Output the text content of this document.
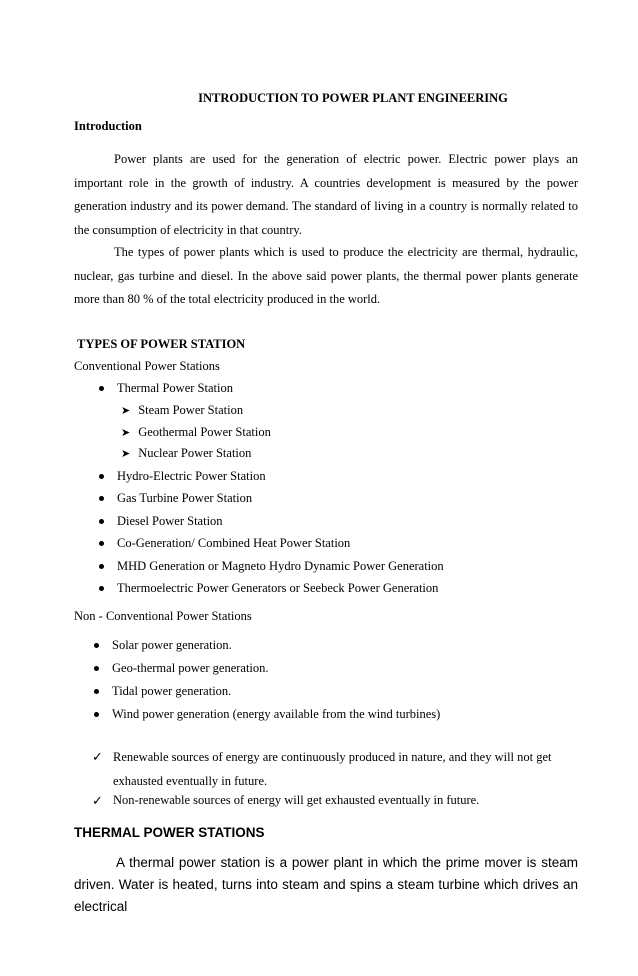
INTRODUCTION TO POWER PLANT ENGINEERING
Introduction

Power plants are used for the generation of electric power. Electric power plays an important role in the growth of industry. A countries development is measured by the power generation industry and its power demand. The standard of living in a country is normally related to the consumption of electricity in that country.

The types of power plants which is used to produce the electricity are thermal, hydraulic, nuclear, gas turbine and diesel. In the above said power plants, the thermal power plants generate more than 80 % of the total electricity produced in the world.

TYPES OF POWER STATION
Conventional Power Stations
Thermal Power Station
➤ Steam Power Station
➤ Geothermal Power Station
➤ Nuclear Power Station
Hydro-Electric Power Station
Gas Turbine Power Station
Diesel Power Station
Co-Generation/ Combined Heat Power Station
MHD Generation or Magneto Hydro Dynamic Power Generation
Thermoelectric Power Generators or Seebeck Power Generation
Non - Conventional Power Stations
Solar power generation.
Geo-thermal power generation.
Tidal power generation.
Wind power generation (energy available from the wind turbines)
✓ Renewable sources of energy are continuously produced in nature, and they will not get exhausted eventually in future.

✓ Non-renewable sources of energy will get exhausted eventually in future.
THERMAL POWER STATIONS

A thermal power station is a power plant in which the prime mover is steam driven. Water is heated, turns into steam and spins a steam turbine which drives an electrical
